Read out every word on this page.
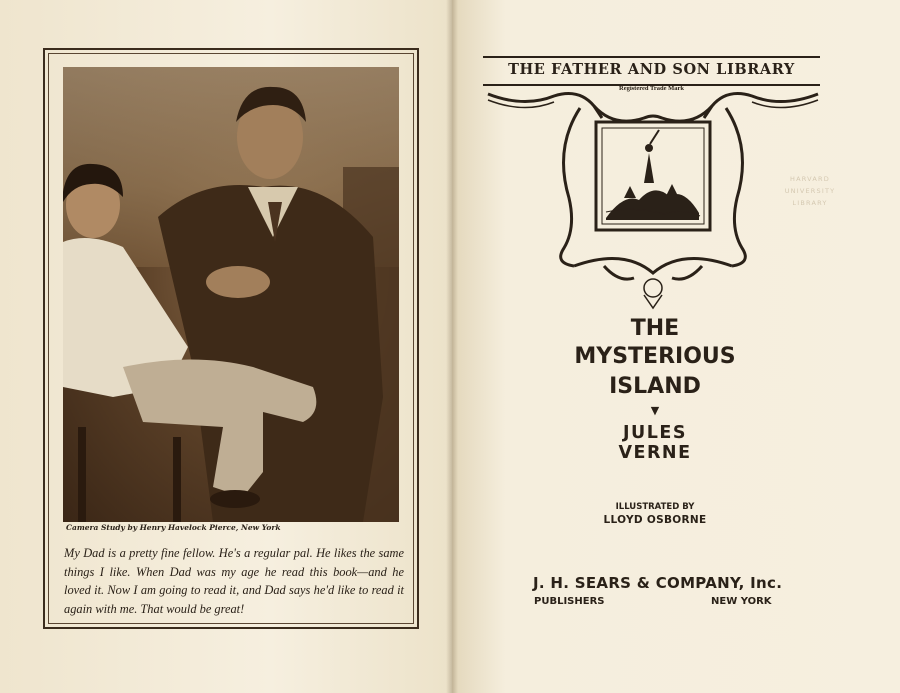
Camera Study by Henry Havelock Pierce, New York
My Dad is a pretty fine fellow. He's a regular pal. He likes the same things I like. When Dad was my age he read this book—and he loved it. Now I am going to read it, and Dad says he'd like to read it again with me. That would be great!
HARVARD
UNIVERSITY
LIBRARY
THE FATHER AND SON LIBRARY
Registered Trade Mark
THE
MYSTERIOUS
ISLAND
▼
JULES
VERNE
ILLUSTRATED BY
LLOYD OSBORNE
J. H. SEARS & COMPANY, Inc.
PUBLISHERS	NEW YORK
